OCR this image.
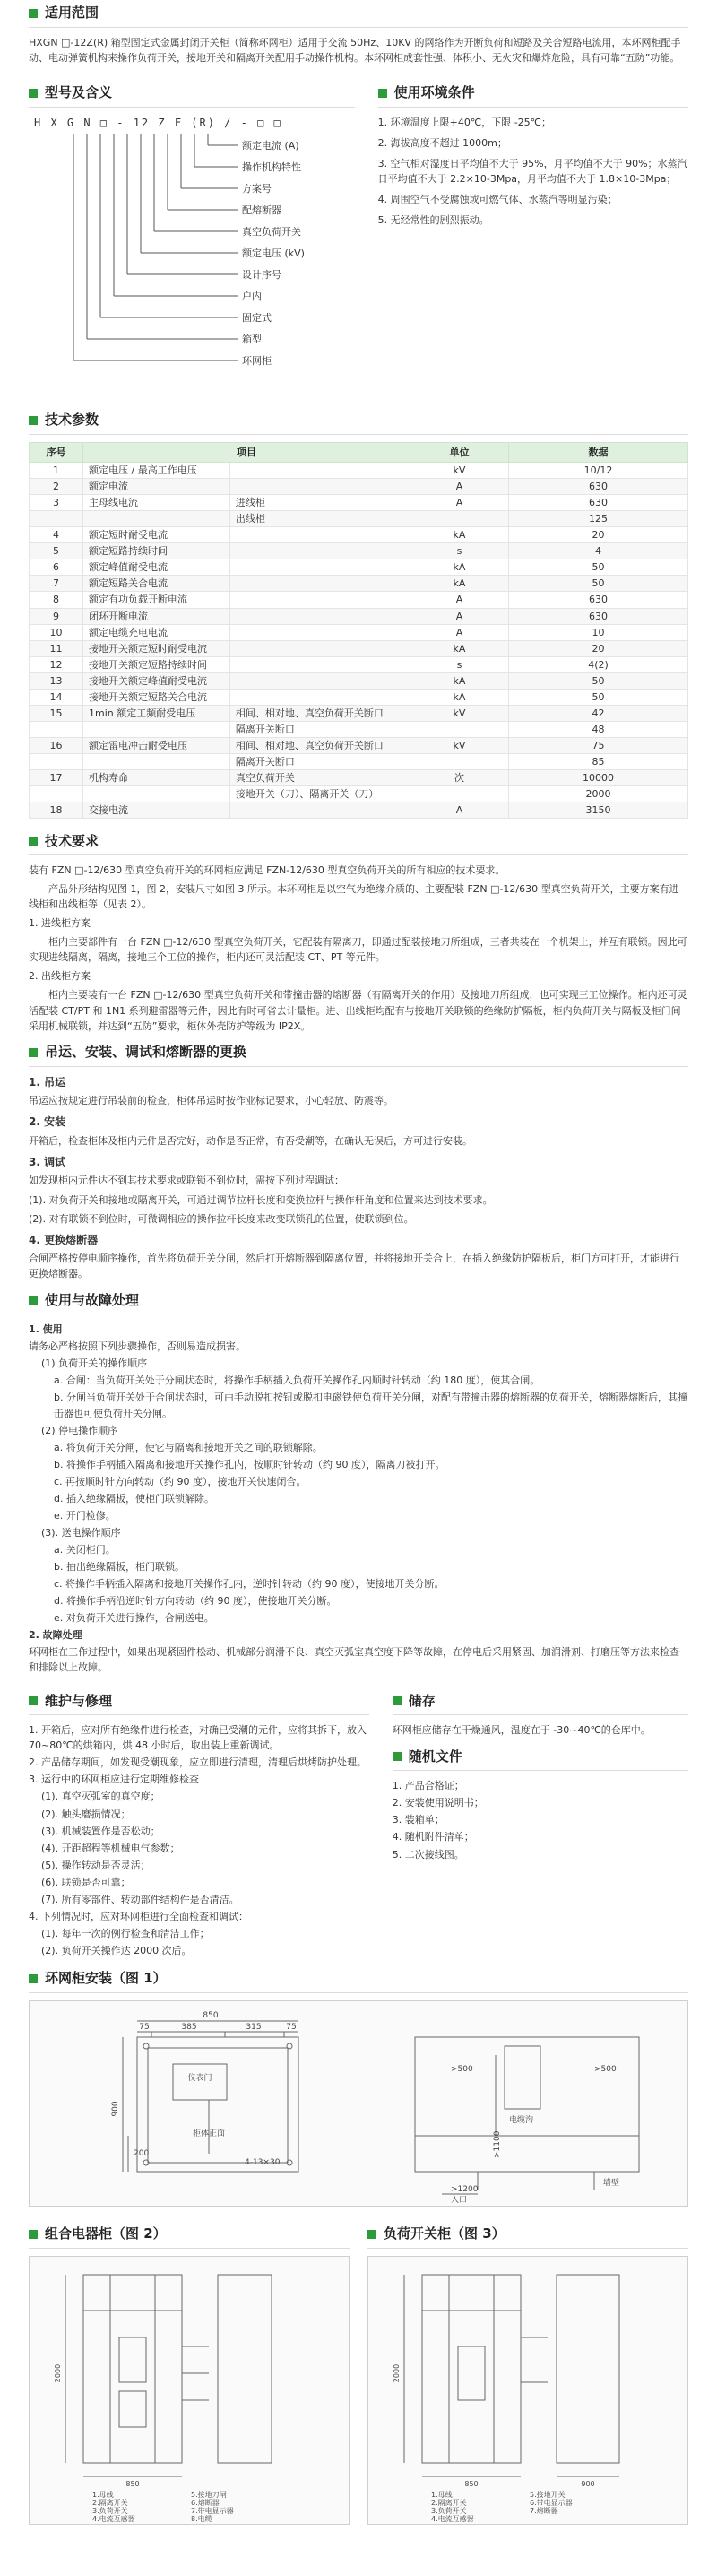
适用范围

HXGN □-12Z(R) 箱型固定式金属封闭开关柜（简称环网柜）适用于交流 50Hz、10KV 的网络作为开断负荷和短路及关合短路电流用，本环网柜配手动、电动弹簧机构来操作负荷开关，接地开关和隔离开关配用手动操作机构。本环网柜成套性强、体积小、无火灾和爆炸危险，具有可靠“五防”功能。

型号及含义
H X G N □ - 12 Z F (R) / - □ □
额定电流 (A)
操作机构特性
方案号
配熔断器
真空负荷开关
额定电压 (kV)
设计序号
户内
固定式
箱型
环网柜
使用环境条件
1. 环境温度上限+40℃，下限 -25℃；
2. 海拔高度不超过 1000m；
3. 空气相对湿度日平均值不大于 95%，月平均值不大于 90%；水蒸汽日平均值不大于 2.2×10-3Mpa，月平均值不大于 1.8×10-3Mpa；
4. 周围空气不受腐蚀或可燃气体、水蒸汽等明显污染；
5. 无经常性的剧烈振动。
技术参数
序号	项目		单位	数据
1	额定电压 / 最高工作电压		kV	10/12
2	额定电流		A	630
3	主母线电流	进线柜	A	630
		出线柜		125
4	额定短时耐受电流		kA	20
5	额定短路持续时间		s	4
6	额定峰值耐受电流		kA	50
7	额定短路关合电流		kA	50
8	额定有功负载开断电流		A	630
9	闭环开断电流		A	630
10	额定电缆充电电流		A	10
11	接地开关额定短时耐受电流		kA	20
12	接地开关额定短路持续时间		s	4(2)
13	接地开关额定峰值耐受电流		kA	50
14	接地开关额定短路关合电流		kA	50
15	1min 额定工频耐受电压	相间、相对地、真空负荷开关断口	kV	42
		隔离开关断口		48
16	额定雷电冲击耐受电压	相间、相对地、真空负荷开关断口	kV	75
		隔离开关断口		85
17	机构寿命	真空负荷开关	次	10000
		接地开关（刀）、隔离开关（刀）		2000
18	交接电流		A	3150
技术要求

装有 FZN □-12/630 型真空负荷开关的环网柜应满足 FZN-12/630 型真空负荷开关的所有相应的技术要求。

产品外形结构见图 1，图 2，安装尺寸如图 3 所示。本环网柜是以空气为绝缘介质的、主要配装 FZN □-12/630 型真空负荷开关，主要方案有进线柜和出线柜等（见表 2）。

1. 进线柜方案

柜内主要部件有一台 FZN □-12/630 型真空负荷开关，它配装有隔离刀，即通过配装接地刀所组成，三者共装在一个机架上，并互有联锁。因此可实现进线隔离，隔离，接地三个工位的操作，柜内还可灵活配装 CT、PT 等元件。

2. 出线柜方案

柜内主要装有一台 FZN □-12/630 型真空负荷开关和带撞击器的熔断器（有隔离开关的作用）及接地刀所组成，也可实现三工位操作。柜内还可灵活配装 CT/PT 和 1N1 系列避雷器等元件，因此有时可省去计量柜。进、出线柜均配有与接地开关联锁的绝缘防护隔板，柜内负荷开关与隔板及柜门间采用机械联锁，并达到“五防”要求，柜体外壳防护等级为 IP2X。

吊运、安装、调试和熔断器的更换
1. 吊运

吊运应按规定进行吊装前的检查，柜体吊运时按作业标记要求，小心轻放、防震等。

2. 安装

开箱后，检查柜体及柜内元件是否完好，动作是否正常，有否受潮等，在确认无误后，方可进行安装。

3. 调试

如发现柜内元件达不到其技术要求或联锁不到位时，需按下列过程调试：

(1). 对负荷开关和接地或隔离开关，可通过调节拉杆长度和变换拉杆与操作杆角度和位置来达到技术要求。

(2). 对有联锁不到位时，可微调相应的操作拉杆长度来改变联锁孔的位置，使联锁到位。

4. 更换熔断器

合闸严格按停电顺序操作，首先将负荷开关分闸，然后打开熔断器到隔离位置，并将接地开关合上，在插入绝缘防护隔板后，柜门方可打开，才能进行更换熔断器。

使用与故障处理
1. 使用
请务必严格按照下列步骤操作，否则易造成损害。
(1) 负荷开关的操作顺序
a. 合闸：当负荷开关处于分闸状态时，将操作手柄插入负荷开关操作孔内顺时针转动（约 180 度），使其合闸。
b. 分闸当负荷开关处于合闸状态时，可由手动脱扣按钮或脱扣电磁铁使负荷开关分闸，对配有带撞击器的熔断器的负荷开关，熔断器熔断后，其撞击器也可使负荷开关分闸。
(2) 停电操作顺序
a. 将负荷开关分闸，使它与隔离和接地开关之间的联锁解除。
b. 将操作手柄插入隔离和接地开关操作孔内，按顺时针转动（约 90 度），隔离刀被打开。
c. 再按顺时针方向转动（约 90 度），接地开关快速闭合。
d. 插入绝缘隔板，使柜门联锁解除。
e. 开门检修。
(3). 送电操作顺序
a. 关闭柜门。
b. 抽出绝缘隔板，柜门联锁。
c. 将操作手柄插入隔离和接地开关操作孔内，逆时针转动（约 90 度），使接地开关分断。
d. 将操作手柄沿逆时针方向转动（约 90 度），使接地开关分断。
e. 对负荷开关进行操作，合闸送电。
2. 故障处理
环网柜在工作过程中，如果出现紧固件松动、机械部分润滑不良、真空灭弧室真空度下降等故障，在停电后采用紧固、加润滑剂、打磨压等方法来检查和排除以上故障。
维护与修理
1. 开箱后，应对所有绝缘件进行检查，对确已受潮的元件，应将其拆下，放入 70~80℃的烘箱内，烘 48 小时后，取出装上重新调试。
2. 产品储存期间，如发现受潮现象，应立即进行清理，清理后烘烤防护处理。
3. 运行中的环网柜应进行定期维修检查
(1). 真空灭弧室的真空度；
(2). 触头磨损情况；
(3). 机械装置作是否松动；
(4). 开距超程等机械电气参数；
(5). 操作转动是否灵活；
(6). 联锁是否可靠；
(7). 所有零部件、转动部件结构件是否清洁。
4. 下列情况时，应对环网柜进行全面检查和调试：
(1). 每年一次的例行检查和清洁工作；
(2). 负荷开关操作达 2000 次后。
储存

环网柜应储存在干燥通风，温度在于 -30~40℃的仓库中。

随机文件
1. 产品合格证；
2. 安装使用说明书；
3. 装箱单；
4. 随机附件清单；
5. 二次接线图。
环网柜安装（图 1）
850
75	385	315	75
900
200
仪表门
柜体正面
4-13×30
>500	>500
>1100
>1200
入口
电缆沟
墙壁
组合电器柜（图 2）
2000
850
1.母线
2.隔离开关
3.负荷开关
4.电流互感器
5.接地刀闸
6.熔断器
7.带电显示器
8.电缆
负荷开关柜（图 3）
2000
850	900
1.母线
2.隔离开关
3.负荷开关
4.电流互感器
5.接地开关
6.带电显示器
7.熔断器
